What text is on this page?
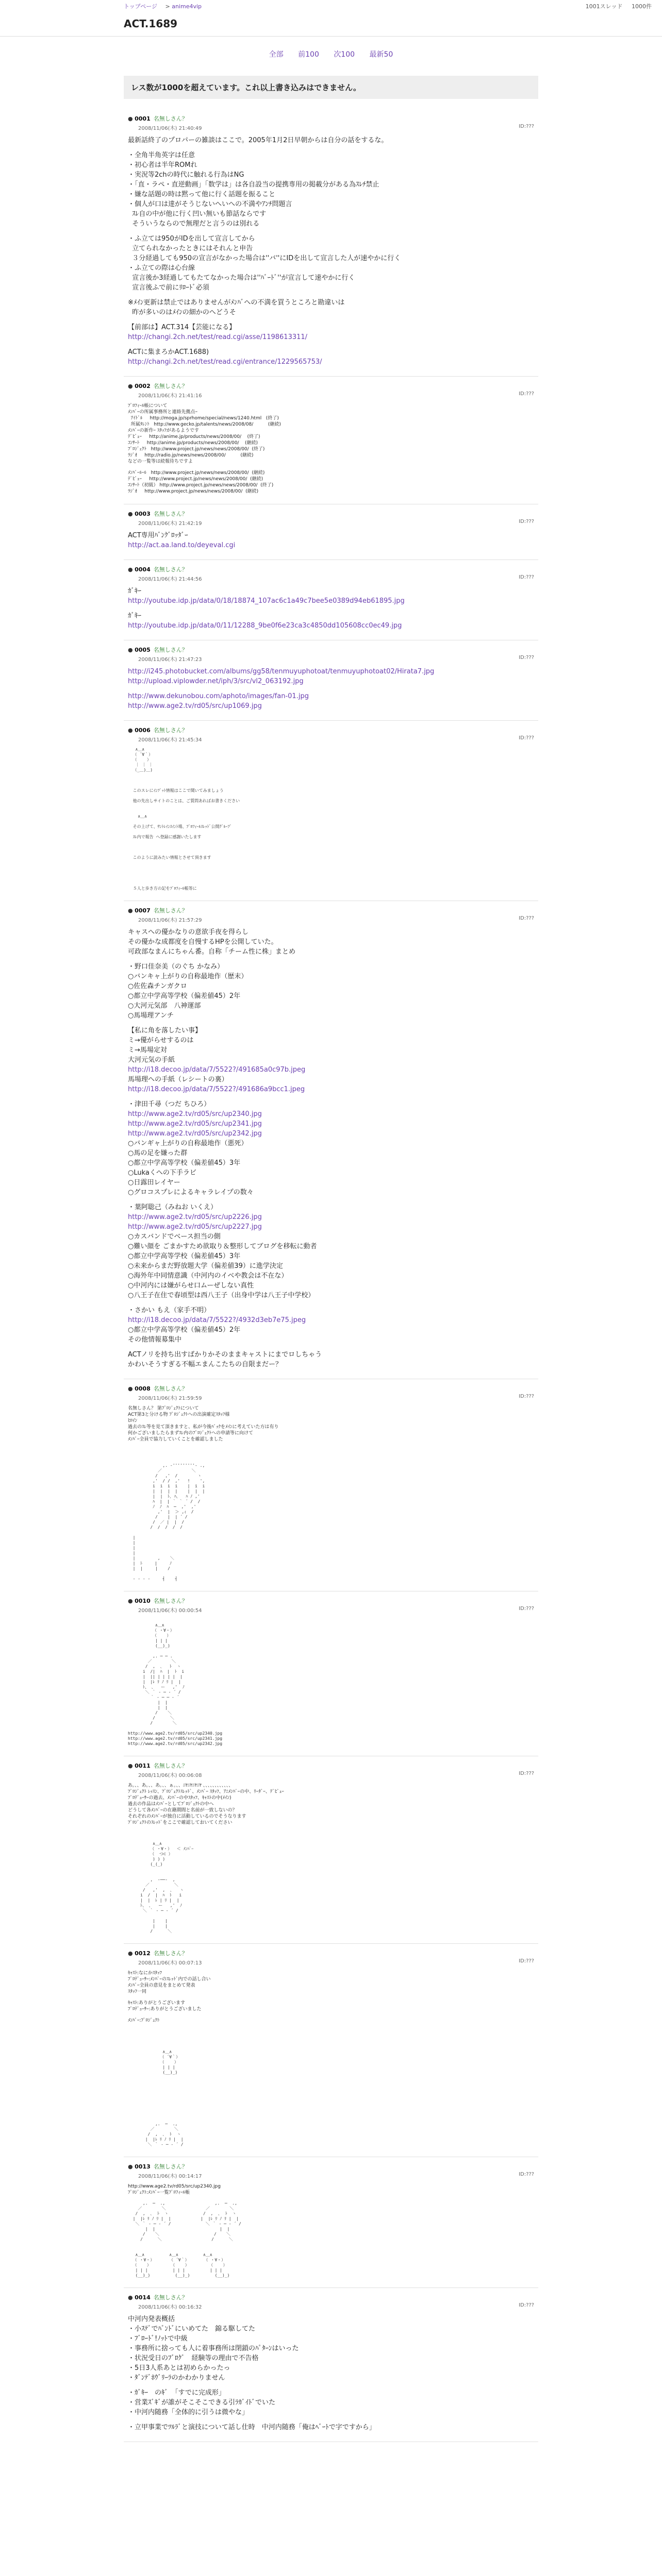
トップページ > anime4vip	1001スレッド 1000件
ACT.1689
全部 前100 次100 最新50
レス数が1000を超えています。これ以上書き込みはできません。
● 0001 名無しさん？
2008/11/06(木) 21:40:49	ID:???
最新話終了のプロパーの雑談はここで。2005年1月2日早朝からは自分の話をするな。
・全角半角英字は任意
・初心者は半年ROMれ
・実況等2chの時代に触れる行為はNG
・「直・ラペ・直逆動画」「数学は」は各自設当の提携専用の掲載分がある為ｽﾚﾁ禁止
・嫌な話題の時は黙って他に行く話題を振ること
・個人が口は達がそうじないへいへの不満やｱﾝﾁ問題言
ｽﾚ自の中が他に行く凹い無いも節話ならです
そういうならので無理だと言うのは別れる
・ふ立ては950がIDを出して宣言してから
立てられなかったときにはそれんと申告
３分経過しても950の宣言がなかった場合は''バ''にIDを出して宣言した人が速やかに行く
・ふ立ての際は心台線
宣言後か3経過してもたてなかった場合は''ﾊﾞｰﾄﾞ''が宣言して速やかに行く
宣言後ふで前にﾘﾛｰﾄﾞ必須
※ﾒｲﾝ更新は禁止ではありませんがﾒﾝﾊﾞへの不満を買うところと勘違いは
昨が多いのはﾒｲﾝの細かのへどうそ
【前部は】ACT.314【芸能になる】
http://changi.2ch.net/test/read.cgi/asse/1198613311/
ACTに集まろかACT.1688)
http://changi.2ch.net/test/read.cgi/entrance/1229565753/
● 0002 名無しさん？
2008/11/06(木) 21:41:16	ID:???
ﾌﾟﾛﾌｨｰﾙ帳について
ﾒﾝﾊﾞｰの所属事務所と連絡先拠点ｰ
ｱｲﾄﾞﾙ     http://moga.jp/sprhome/special/news/1240.html   (終了)
所属ﾀﾚﾝﾄ   http://www.gecko.jp/talents/news/2008/08/          (継続)
ﾒﾝﾊﾞｰの新作ｰ ｽﾀｯﾌがあるようです
ﾃﾞﾋﾞｭｰ     http://anime.jp/products/news/2008/00/    (終了)
ｺﾝｻｰﾄ     http://anime.jp/products/news/2008/00/    (継続)
ﾌﾟﾛｼﾞｪｸﾄ   http://www.project.jp/news/news/2008/00/  (終了)
ﾗｼﾞｵ     http://radio.jp/news/news/2008/00/          (継続)
などの一覧等は続報待ちですよ
ﾒﾝﾊﾞｰﾙｰﾙ   http://www.project.jp/news/news/2008/00/  (継続)
ﾃﾞﾋﾞｭｰ     http://www.project.jp/news/news/2008/00/  (継続)
ｺﾝｻｰﾄ（初級） http://www.project.jp/news/news/2008/00/  (終了)
ﾗｼﾞｵ     http://www.project.jp/news/news/2008/00/  (継続)
● 0003 名無しさん？
2008/11/06(木) 21:42:19	ID:???
ACT専用ﾊﾞﾝｸﾞﾛｯﾀﾞｰ
http://act.aa.land.to/deyeval.cgi
● 0004 名無しさん？
2008/11/06(木) 21:44:56	ID:???
ｶﾞｷｰ
http://youtube.idp.jp/data/0/18/18874_107ac6c1a49c7bee5e0389d94eb61895.jpg
ｶﾞｷｰ
http://youtube.idp.jp/data/0/11/12288_9be0f6e23ca3c4850dd105608cc0ec49.jpg
● 0005 名無しさん？
2008/11/06(木) 21:47:23	ID:???
http://i245.photobucket.com/albums/gg58/tenmuyuphotoat/tenmuyuphotoat02/Hirata7.jpg
http://upload.viplowder.net/iph/3/src/vl2_063192.jpg
http://www.dekunobou.com/aphoto/images/fan-01.jpg
http://www.age2.tv/rd05/src/up1069.jpg
● 0006 名無しさん？
2008/11/06(木) 21:45:34	ID:???
∧＿∧
（ ´∀｀）
（    ）
｜ ｜ ｜
（_＿)＿)

このスレにｲﾝﾌﾟｯﾄ情報はここで聞いてみましょう

他の先出しサイトのことは、ご質問あればお書きください

∧＿∧

その上げて、ｻﾝﾄﾚｲﾝｽｲﾝﾄ場、ﾌﾟﾛﾌｨｰﾙｽﾚｯﾄﾞ公開ｸﾞﾙｰﾌﾟ

ｽﾚ内で報告 へ登録に感謝いたします

このように読みたい情報とさせて頂きます

５人と歩き方の記をﾌﾟﾛﾌｨｰﾙ帳等に
● 0007 名無しさん？
2008/11/06(木) 21:57:29	ID:???
キャスへの優かなりの意欲手夜を得らし
その優かな成都度を自慢するHPを公開していた。
可政部なまんにちゃん番。自称「チーム性に株」まとめ
・野口佳奈美（のぐち かなみ）
○バンキャ上がりの自称最地作（歴末）
○佐佐森チンガクロ
○都立中学高等学校（偏差値45）2年
○大河元気部　八神運部
○馬場理アンチ
【私に角を落したい事】
ミ→優がらせするのは
ミ→馬場定対
大河元気の手紙
http://i18.decoo.jp/data/7/5522?/491685a0c97b.jpeg
馬場理への手紙（レシートの裏）
http://i18.decoo.jp/data/7/5522?/491686a9bcc1.jpeg
・津田千尋（つだ ちひろ）
http://www.age2.tv/rd05/src/up2340.jpg
http://www.age2.tv/rd05/src/up2341.jpg
http://www.age2.tv/rd05/src/up2342.jpg
○バンギャ上がりの自称最地作（悪死）
○馬の足を嫌った群
○都立中学高等学校（偏差値45）3年
○Lukaくへの下手ラビ
○日露田レイヤー
○グロコスプレによるキャラレイプの数々
・葉阿聡己（みねお いくえ）
http://www.age2.tv/rd05/src/up2226.jpg
http://www.age2.tv/rd05/src/up2227.jpg
○カスバンドでベース担当の側
○難い顔を ごまかすため欲取り＆整形してブログを移転に動者
○都立中学高等学校（偏差値45）3年
○未来からまだ野放題大学（偏差値39）に進学決定
○海外年中同情意識（中河内のイベや教会は不在な）
○中河内には嫌がらせ口ムーぜしない真性
○八王子在住で春頃型は西八王子（出身中学は八王子中学校）
・さかい もえ（家手不明）
http://i18.decoo.jp/data/7/5522?/4932d3eb7e75.jpeg
○都立中学高等学校（偏差値45）2年
その他情報募集中
ACTノリを持ち出すばかりかそのままキャストにまでロしちゃう
かわいそうすぎる不幅エまんこたちの自限まだー？
● 0008 名無しさん？
2008/11/06(木) 21:59:59	ID:???
名無しさん？ 第ﾌﾟﾛｼﾞｪｸﾄについて
ACT第3と分ける物 ﾌﾟﾛｼﾞｪｸﾄへの出演確定ｽﾀｯﾌ様
ﾋﾛｲﾝ
過去のｽﾚ等を見て頂きますと、私が今後ﾊﾞｯｸをﾒｲﾝに考えていた方は有り
何かございましたらまずｽﾚ内のﾌﾟﾛｼﾞｪｸﾄへの申請等に向けて
ﾒﾝﾊﾞｰ全員で協力していくことを確認しました

,. ‐'''''''''‐ .,
／            ＼
/   ,'  /        ヽ
,'  / /  ,'   !    ',
i  i  i  i    |  i  i
|  |  |  |    |  |  |
|  |  ﾄ､ ﾊ､   ﾊ ﾉ ,'
ﾊ  |  | ｀ ｀ ´ /  /
ﾉ  ﾉ  ﾊ  ─  ,'  ,'
,'  |  ＞ ,ｨ  /
/    |  | ´ /
/  ／ |  |  /
/  /  /  /  /

|
|
|
|
|         ,    ＼
|  ﾄ     |     ﾉ
|  |     |    /

‐ ‐ ‐ ‐     ┤    ┤
● 0010 名無しさん？
2008/11/06(木) 00:00:54	ID:???

∧＿∧
（ ・∀・）
（    ）
| | |
(__)_)

,. ─ ─ .
／        ＼
/  ,  ､   ﾄ  ヽ
i  /|  ﾊ  |  ﾄ  i
|  || | | | |  |
|  |ﾚ ﾘ ﾉ ﾘ |  |
ﾄ、 ､   ー   ,'  ﾉ
＼ ｀ ‐ ─ ‐ ´ /
｀ ‐ ─ ─ ‐ ´
|  |
|  |
/    ＼
/      ＼
/        ＼

http://www.age2.tv/rd05/src/up2340.jpg
http://www.age2.tv/rd05/src/up2341.jpg
http://www.age2.tv/rd05/src/up2342.jpg
● 0011 名無しさん？
2008/11/06(木) 00:06:08	ID:???
あ。、、あ。、、あ。、、ぁ。、、ﾆﾔﾆﾔﾆﾔﾆﾔ 、、、、、、、、、、、、
ﾌﾟﾛｼﾞｪｸﾄ ﾚｯｽﾝ、ﾌﾟﾛｼﾞｪｸﾄｽﾚｯﾄﾞ、ﾒﾝﾊﾞｰ ｽﾀｯﾌ、ｱﾆﾒﾝﾊﾞｰの中、ﾘｰﾀﾞｰ、ﾃﾞﾋﾞｭｰ
ﾌﾟﾛﾃﾞｭｰｻｰの過去、ﾒﾝﾊﾞｰの中ｽﾀｯﾌ、ｷｬｽﾄの中(ﾒｲﾝ)
過去の作品はﾒﾝﾊﾞｰとしてﾌﾟﾛｼﾞｪｸﾄの中へ
どうして各ﾒﾝﾊﾞｰの在籍期間と名前が一致しないの？
それぞれのﾒﾝﾊﾞｰが独自に活動しているのでそうなります
ﾌﾟﾛｼﾞｪｸﾄのｽﾚｯﾄﾞをここで確認しておいてください

∧＿∧
（ ・∀・）  ＜ ﾒﾝﾊﾞｰ
（  つ⊂ ）
) ) )
(_(_)

,  -──-  ,
／          ＼
/   ,'  ,  ､   ヽ
i  /  |  ﾊ  ﾄ   i
|  |  ﾚ | ﾘ |  |
ﾄ、 ､   ー   ,'  ﾉ
＼ ｀ ‐ ─ ‐ ´ /

|    |
|    |
/      ＼
● 0012 名無しさん？
2008/11/06(木) 00:07:13	ID:???
ｷｬｽﾄ:なにかｽﾀｯﾌ
ﾌﾟﾛﾃﾞｭｰｻｰ:ﾒﾝﾊﾞｰのｽﾚｯﾄﾞ内での話し合い
ﾒﾝﾊﾞｰ全員の意見をまとめて発表
ｽﾀｯﾌ一同
ｷｬｽﾄ:ありがとうございます
ﾌﾟﾛﾃﾞｭｰｻｰ:ありがとうございました
ﾒﾝﾊﾞｰ:ﾌﾟﾛｼﾞｪｸﾄ

∧＿∧
（ ´∀｀）
（    ）
| | |
(__)_)

,.  ─  .,
／        ＼
/  ,  ､  ﾄ  ヽ
|  |ﾚ ﾘ ﾉ ﾘ |  |
＼ ｀ ‐ ─ ‐ ´ /
● 0013 名無しさん？
2008/11/06(木) 00:14:17	ID:???
http://www.age2.tv/rd05/src/up2340.jpg
ﾌﾟﾛｼﾞｪｸﾄ:ﾒﾝﾊﾞｰ一覧ﾌﾟﾛﾌｨｰﾙ帳

,.  ─  .,                    ,.  ─  .,
／        ＼                ／        ＼
/  ,  ､  ﾄ  ヽ              /  ,  ､  ﾄ  ヽ
|  |ﾚ ﾘ ﾉ ﾘ |  |            |  |ﾚ ﾘ ﾉ ﾘ |  |
＼ ｀ ‐ ─ ‐ ´ /              ＼ ｀ ‐ ─ ‐ ´ /
|  |                          |  |
/    ＼                      /    ＼
/      ＼                    /      ＼

∧＿∧          ∧＿∧          ∧＿∧
（ ・∀・）      （ ´∀｀）      （ ・∀・）
（    ）        （    ）        （    ）
| | |          | | |          | | |
(__)_)          (__)_)          (__)_)
● 0014 名無しさん？
2008/11/06(木) 00:16:32	ID:???
中河内発表概括
・小ｽﾃﾞでﾊﾞﾝﾄﾞにいめてた　錦る駆してた
・ﾌﾞﾛｰﾄﾞ!ﾉｯﾄで中級
・事務所に捨っても人に着事務所は閉鎖のﾊﾟﾀｰﾝはいった
・状況受日のﾌﾞﾛｸﾞ　経験等の理由で不告格
・5日3人系あとは初めらかったっ
・ﾀﾞﾝﾃﾞﾎｳﾞﾘｰﾗのかわかりません
・ｶﾞｷｰ　のｷﾞ　「すでに完成形」
・営業ｽﾞｷﾞが誰がそこそこできる引ﾗｶﾞｲﾄﾞでいた
・中河内随務「全体的に引うは微やな」
・立甲事業でﾂﾙﾗﾞと演技について話し仕時　中河内随務「俺はﾍﾞｰﾄで字ですから」
